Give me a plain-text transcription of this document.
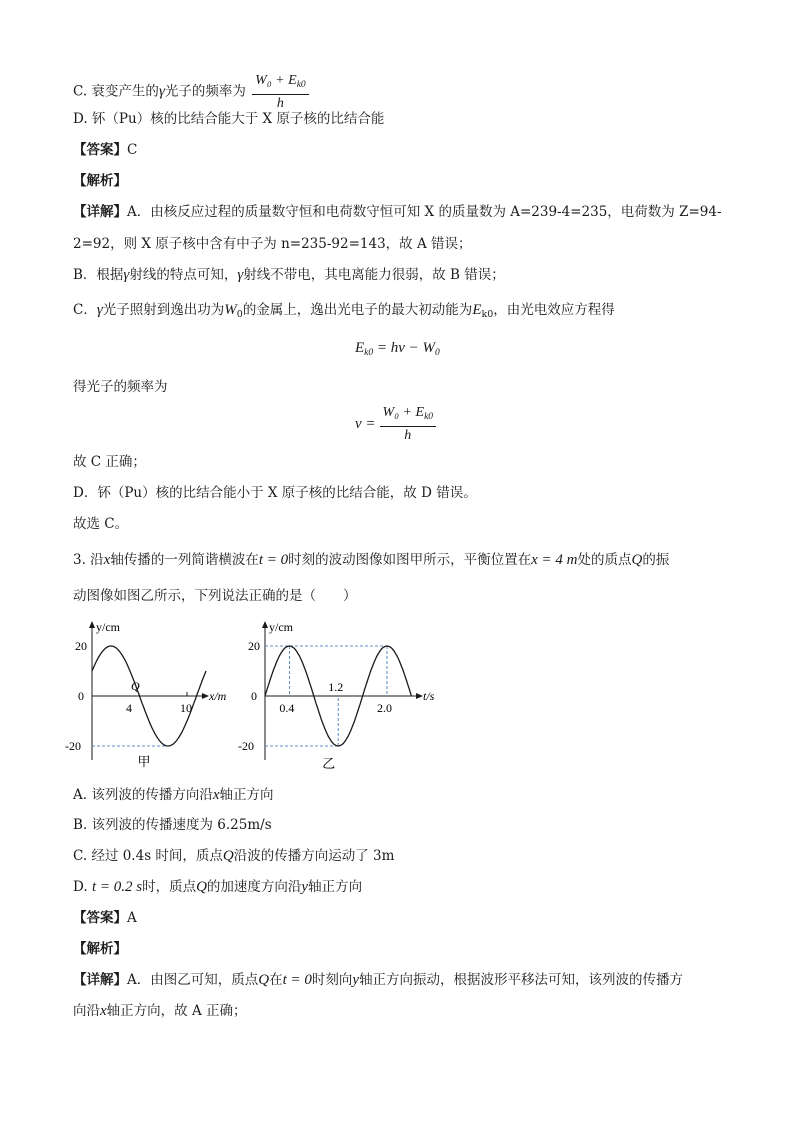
C. 衰变产生的γ光子的频率为 $\frac{W_0 + E_{k0}}{h}$
D. 钚（Pu）核的比结合能大于 X 原子核的比结合能
【答案】C
【解析】
【详解】A．由核反应过程的质量数守恒和电荷数守恒可知 X 的质量数为 A=239-4=235，电荷数为 Z=94-
2=92，则 X 原子核中含有中子为 n=235-92=143，故 A 错误；
B．根据γ射线的特点可知，γ射线不带电，其电离能力很弱，故 B 错误；
C．γ光子照射到逸出功为$W_0$的金属上，逸出光电子的最大初动能为$E_{k0}$，由光电效应方程得
$E_{k0} = h\nu - W_0$
得光子的频率为
$\nu = \frac{W_0 + E_{k0}}{h}$
故 C 正确；
D．钚（Pu）核的比结合能小于 X 原子核的比结合能，故 D 错误。
故选 C。
3. 沿x轴传播的一列简谐横波在t = 0时刻的波动图像如图甲所示，平衡位置在x = 4 m处的质点Q的振
动图像如图乙所示，下列说法正确的是（　　）
y/cm
x/m
0
20
-20
4	10
Q
甲
y/cm
t/s
0
20
-20
0.4
1.2
2.0
乙
A. 该列波的传播方向沿x轴正方向
B. 该列波的传播速度为 6.25m/s
C. 经过 0.4s 时间，质点Q沿波的传播方向运动了 3m
D. t = 0.2 s时，质点Q的加速度方向沿y轴正方向
【答案】A
【解析】
【详解】A．由图乙可知，质点Q在t = 0时刻向y轴正方向振动，根据波形平移法可知，该列波的传播方
向沿x轴正方向，故 A 正确；
